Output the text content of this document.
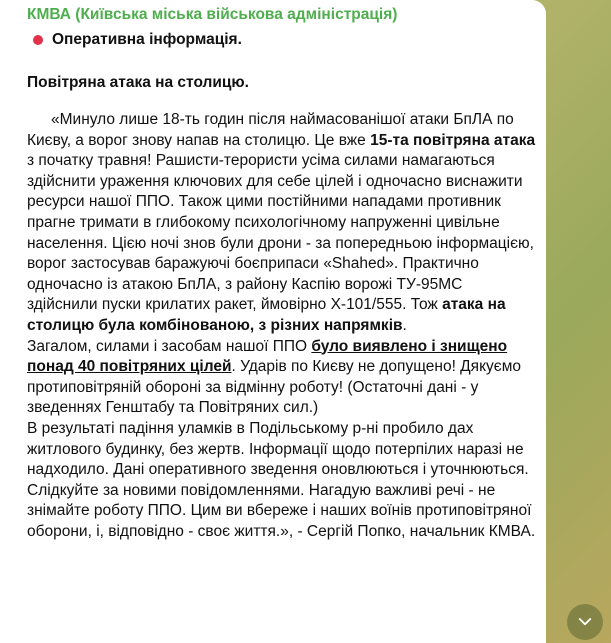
КМВА (Київська міська військова адміністрація)
Оперативна інформація.
Повітряна атака на столицю.

«Минуло лише 18-ть годин після наймасованішої атаки БпЛА по Києву, а ворог знову напав на столицю. Це вже 15-та повітряна атака з початку травня! Рашисти-терористи усіма силами намагаються здійснити ураження ключових для себе цілей і одночасно виснажити ресурси нашої ППО. Також цими постійними нападами противник прагне тримати в глибокому психологічному напруженні цивільне населення. Цією ночі знов були дрони - за попередньою інформацією, ворог застосував баражуючі боєприпаси «Shahed». Практично одночасно із атакою БпЛА, з району Каспію ворожі ТУ-95МС здійснили пуски крилатих ракет, ймовірно Х-101/555. Тож атака на столицю була комбінованою, з різних напрямків.

Загалом, силами і засобам нашої ППО було виявлено і знищено понад 40 повітряних цілей. Ударів по Києву не допущено! Дякуємо протиповітряній обороні за відмінну роботу! (Остаточні дані - у зведеннях Генштабу та Повітряних сил.)

В результаті падіння уламків в Подільському р-ні пробило дах житлового будинку, без жертв. Інформації щодо потерпілих наразі не надходило. Дані оперативного зведення оновлюються і уточнюються. Слідкуйте за новими повідомленнями. Нагадую важливі речі - не знімайте роботу ППО. Цим ви вбереже і наших воїнів протиповітряної оборони, і, відповідно - своє життя.», - Сергій Попко, начальник КМВА.
